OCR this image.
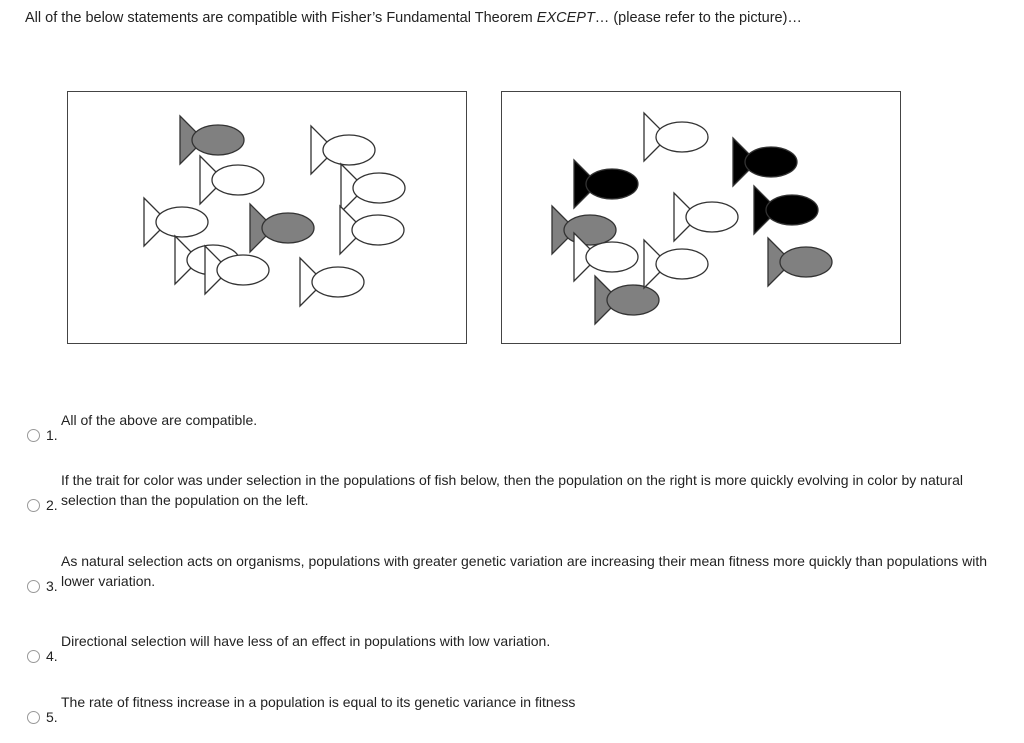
All of the below statements are compatible with Fisher’s Fundamental Theorem EXCEPT… (please refer to the picture)…
All of the above are compatible.
1.
If the trait for color was under selection in the populations of fish below, then the population on the right is more quickly evolving in color by natural selection than the population on the left.
2.
As natural selection acts on organisms, populations with greater genetic variation are increasing their mean fitness more quickly than populations with lower variation.
3.
Directional selection will have less of an effect in populations with low variation.
4.
The rate of fitness increase in a population is equal to its genetic variance in fitness
5.
